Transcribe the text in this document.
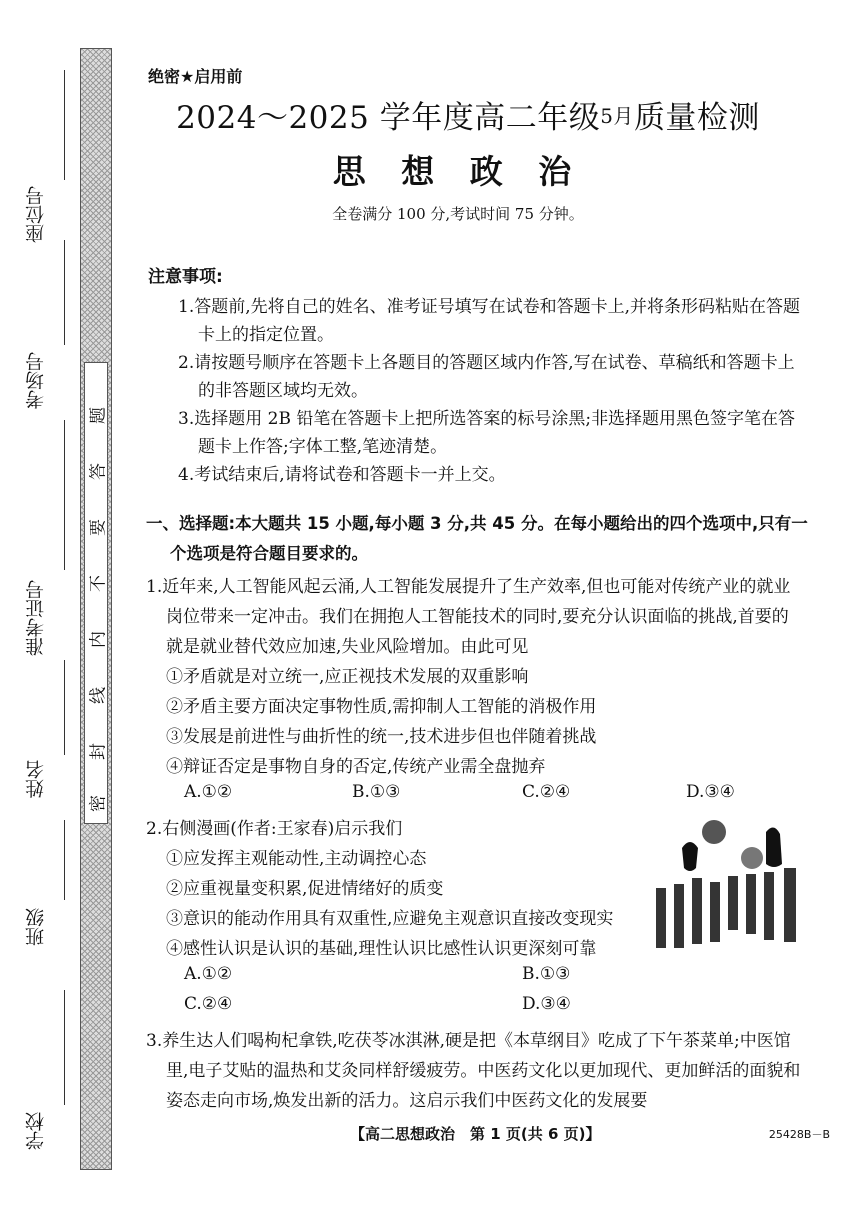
座位号
考场号
准考证号
姓名
班级
学校
题
答
要
不
内
线
封
密
绝密★启用前
2024～2025 学年度高二年级5月质量检测
思 想 政 治
全卷满分 100 分,考试时间 75 分钟。
注意事项:
1.答题前,先将自己的姓名、准考证号填写在试卷和答题卡上,并将条形码粘贴在答题
卡上的指定位置。
2.请按题号顺序在答题卡上各题目的答题区域内作答,写在试卷、草稿纸和答题卡上
的非答题区域均无效。
3.选择题用 2B 铅笔在答题卡上把所选答案的标号涂黑;非选择题用黑色签字笔在答
题卡上作答;字体工整,笔迹清楚。
4.考试结束后,请将试卷和答题卡一并上交。
一、选择题:本大题共 15 小题,每小题 3 分,共 45 分。在每小题给出的四个选项中,只有一
个选项是符合题目要求的。
1.近年来,人工智能风起云涌,人工智能发展提升了生产效率,但也可能对传统产业的就业
岗位带来一定冲击。我们在拥抱人工智能技术的同时,要充分认识面临的挑战,首要的
就是就业替代效应加速,失业风险增加。由此可见
①矛盾就是对立统一,应正视技术发展的双重影响
②矛盾主要方面决定事物性质,需抑制人工智能的消极作用
③发展是前进性与曲折性的统一,技术进步但也伴随着挑战
④辩证否定是事物自身的否定,传统产业需全盘抛弃
A.①②	B.①③	C.②④	D.③④
2.右侧漫画(作者:王家春)启示我们
①应发挥主观能动性,主动调控心态
②应重视量变积累,促进情绪好的质变
③意识的能动作用具有双重性,应避免主观意识直接改变现实
④感性认识是认识的基础,理性认识比感性认识更深刻可靠
A.①②	B.①③
C.②④	D.③④
3.养生达人们喝枸杞拿铁,吃茯苓冰淇淋,硬是把《本草纲目》吃成了下午茶菜单;中医馆
里,电子艾贴的温热和艾灸同样舒缓疲劳。中医药文化以更加现代、更加鲜活的面貌和
姿态走向市场,焕发出新的活力。这启示我们中医药文化的发展要
【高二思想政治　第 1 页(共 6 页)】	25428B－B
